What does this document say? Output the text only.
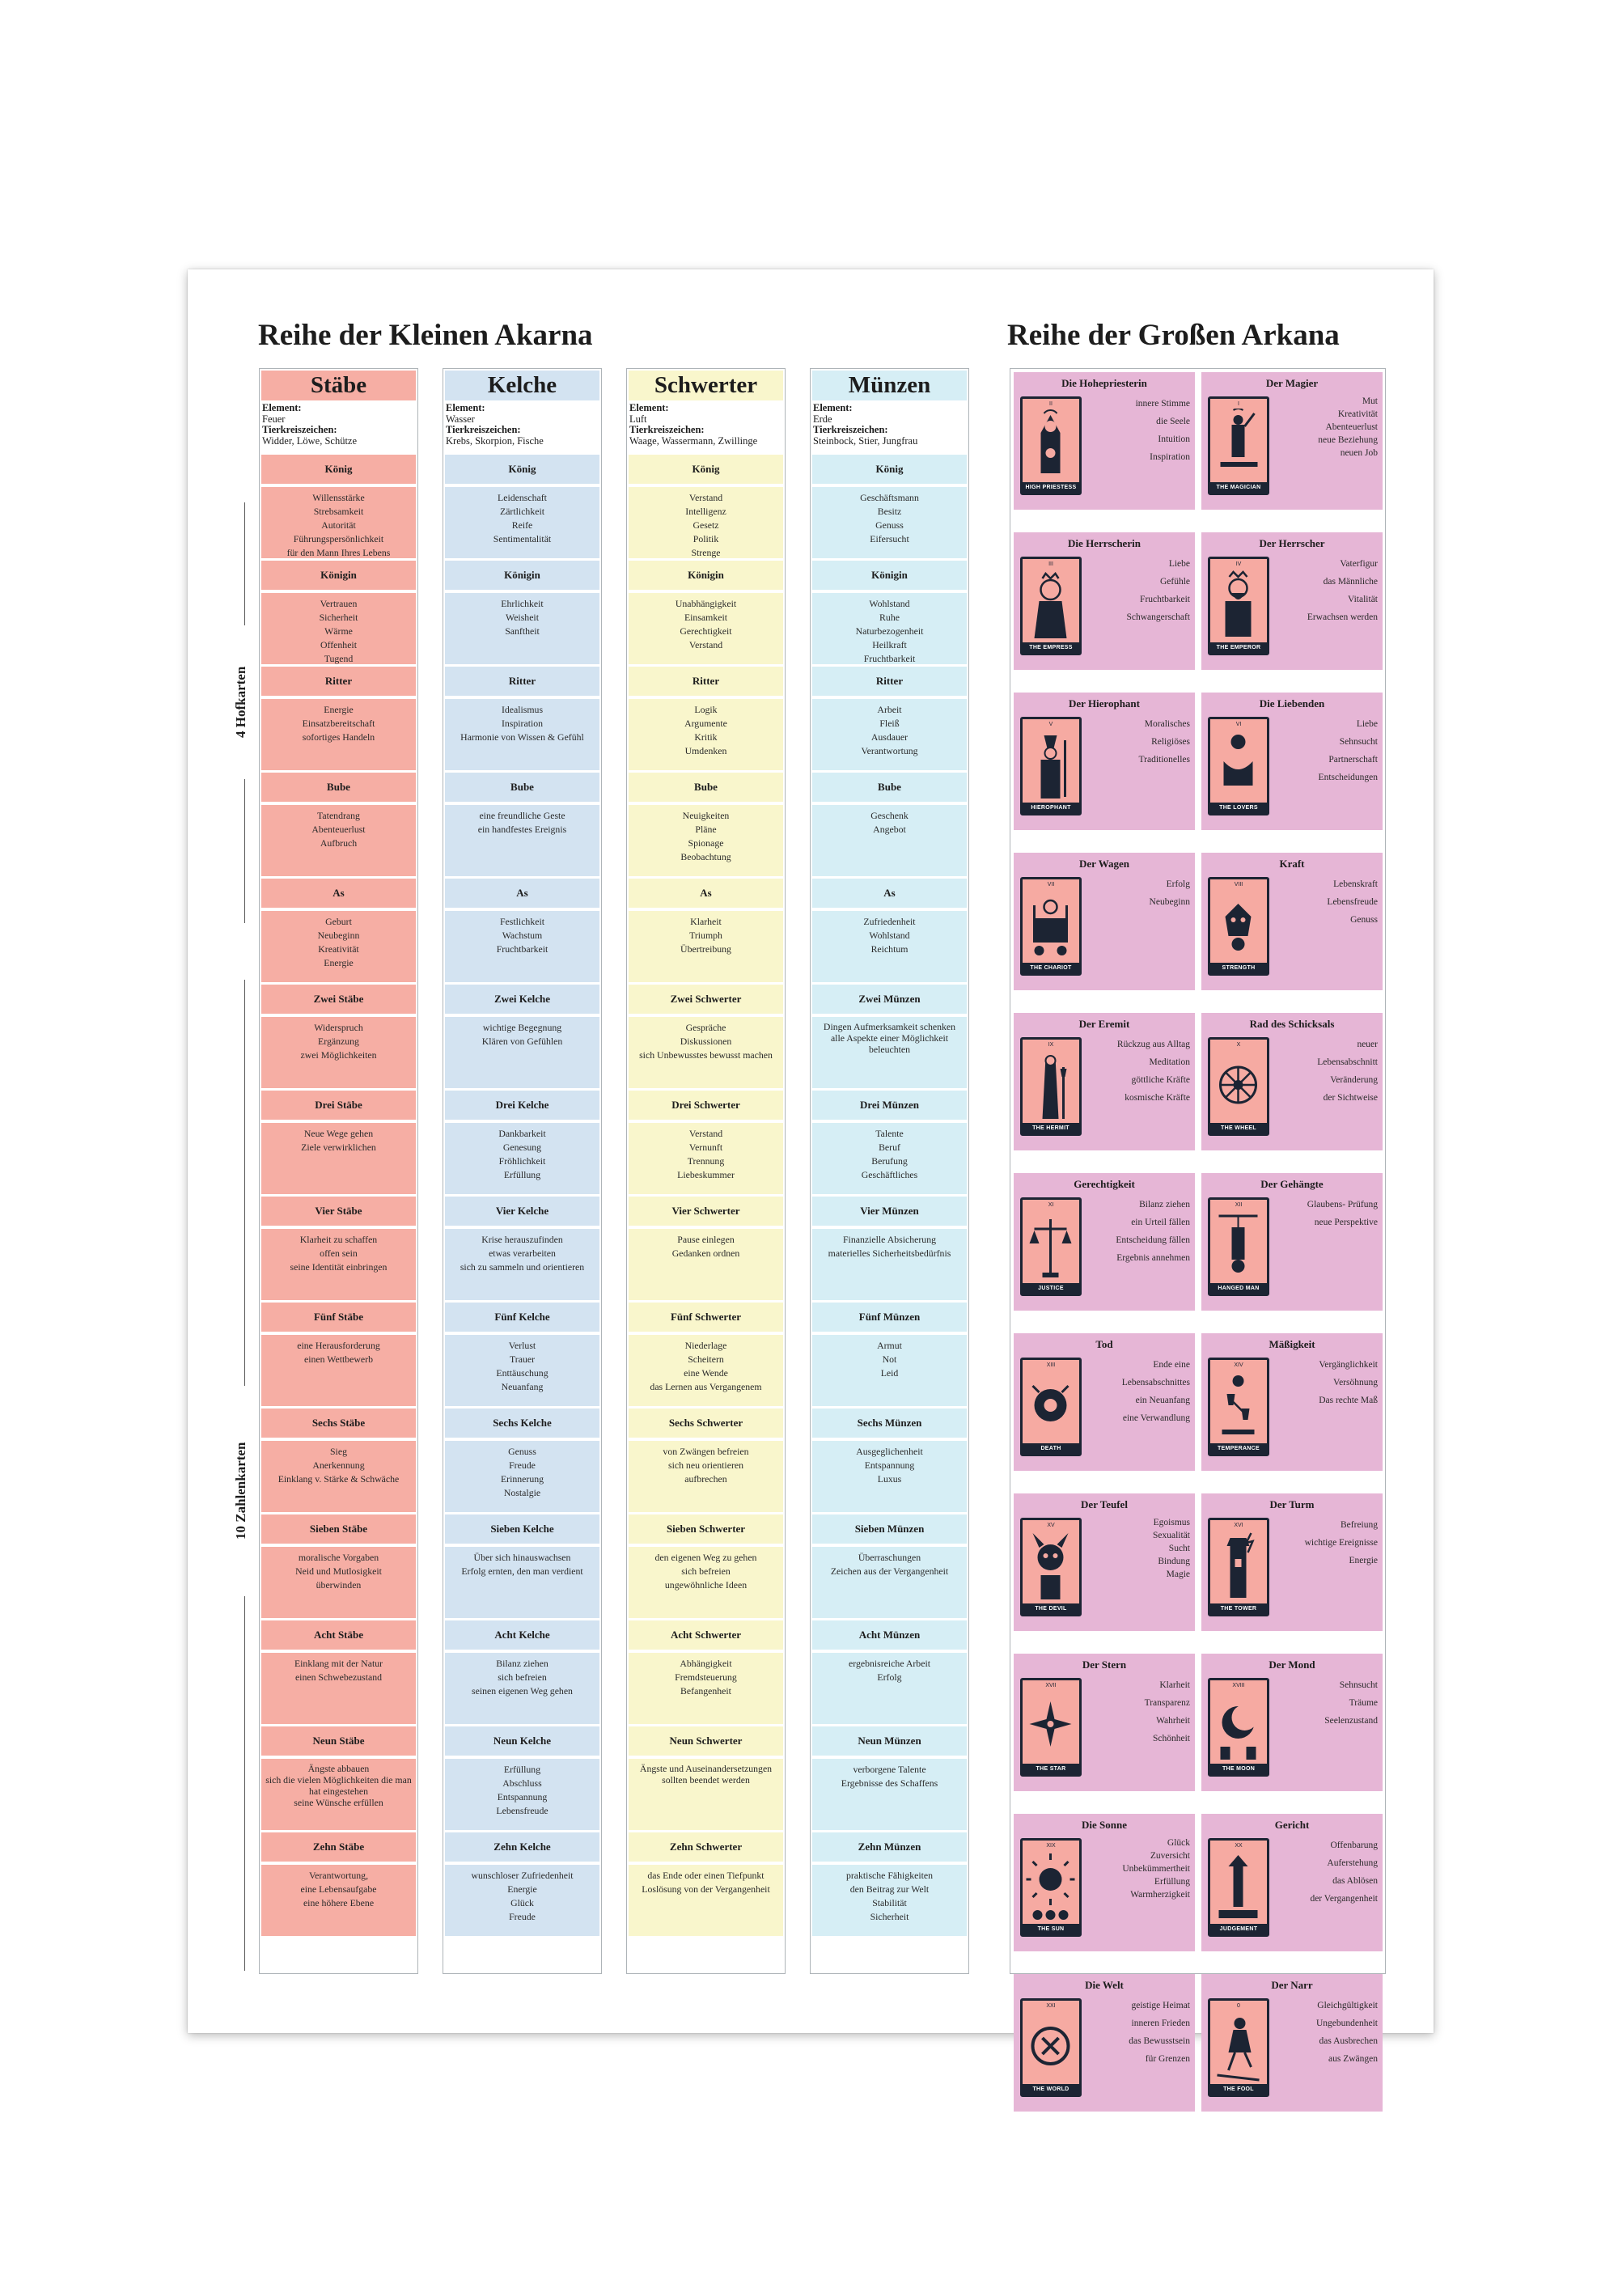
Reihe der Kleinen Akarna	Reihe der Großen Arkana
4 Hofkarten
10 Zahlenkarten
Stäbe
Element:
Feuer
Tierkreiszeichen:
Widder, Löwe, Schütze
König
Willensstärke
Strebsamkeit
Autorität
Führungspersönlichkeit
für den Mann Ihres Lebens
Königin
Vertrauen
Sicherheit
Wärme
Offenheit
Tugend
Ritter
Energie
Einsatzbereitschaft
sofortiges Handeln
Bube
Tatendrang
Abenteuerlust
Aufbruch
As
Geburt
Neubeginn
Kreativität
Energie
Zwei Stäbe
Widerspruch
Ergänzung
zwei Möglichkeiten
Drei Stäbe
Neue Wege gehen
Ziele verwirklichen
Vier Stäbe
Klarheit zu schaffen
offen sein
seine Identität einbringen
Fünf Stäbe
eine Herausforderung
einen Wettbewerb
Sechs Stäbe
Sieg
Anerkennung
Einklang v. Stärke & Schwäche
Sieben Stäbe
moralische Vorgaben
Neid und Mutlosigkeit
überwinden
Acht Stäbe
Einklang mit der Natur
einen Schwebezustand
Neun Stäbe
Ängste abbauen
sich die vielen Möglichkeiten die man hat eingestehen
seine Wünsche erfüllen
Zehn Stäbe
Verantwortung,
eine Lebensaufgabe
eine höhere Ebene
Kelche
Element:
Wasser
Tierkreiszeichen:
Krebs, Skorpion, Fische
König
Leidenschaft
Zärtlichkeit
Reife
Sentimentalität
Königin
Ehrlichkeit
Weisheit
Sanftheit
Ritter
Idealismus
Inspiration
Harmonie von Wissen & Gefühl
Bube
eine freundliche Geste
ein handfestes Ereignis
As
Festlichkeit
Wachstum
Fruchtbarkeit
Zwei Kelche
wichtige Begegnung
Klären von Gefühlen
Drei Kelche
Dankbarkeit
Genesung
Fröhlichkeit
Erfüllung
Vier Kelche
Krise herauszufinden
etwas verarbeiten
sich zu sammeln und orientieren
Fünf Kelche
Verlust
Trauer
Enttäuschung
Neuanfang
Sechs Kelche
Genuss
Freude
Erinnerung
Nostalgie
Sieben Kelche
Über sich hinauswachsen
Erfolg ernten, den man verdient
Acht Kelche
Bilanz ziehen
sich befreien
seinen eigenen Weg gehen
Neun Kelche
Erfüllung
Abschluss
Entspannung
Lebensfreude
Zehn Kelche
wunschloser Zufriedenheit
Energie
Glück
Freude
Schwerter
Element:
Luft
Tierkreiszeichen:
Waage, Wassermann, Zwillinge
König
Verstand
Intelligenz
Gesetz
Politik
Strenge
Königin
Unabhängigkeit
Einsamkeit
Gerechtigkeit
Verstand
Ritter
Logik
Argumente
Kritik
Umdenken
Bube
Neuigkeiten
Pläne
Spionage
Beobachtung
As
Klarheit
Triumph
Übertreibung
Zwei Schwerter
Gespräche
Diskussionen
sich Unbewusstes bewusst machen
Drei Schwerter
Verstand
Vernunft
Trennung
Liebeskummer
Vier Schwerter
Pause einlegen
Gedanken ordnen
Fünf Schwerter
Niederlage
Scheitern
eine Wende
das Lernen aus Vergangenem
Sechs Schwerter
von Zwängen befreien
sich neu orientieren
aufbrechen
Sieben Schwerter
den eigenen Weg zu gehen
sich befreien
ungewöhnliche Ideen
Acht Schwerter
Abhängigkeit
Fremdsteuerung
Befangenheit
Neun Schwerter
Ängste und Auseinandersetzungen sollten beendet werden
Zehn Schwerter
das Ende oder einen Tiefpunkt
Loslösung von der Vergangenheit
Münzen
Element:
Erde
Tierkreiszeichen:
Steinbock, Stier, Jungfrau
König
Geschäftsmann
Besitz
Genuss
Eifersucht
Königin
Wohlstand
Ruhe
Naturbezogenheit
Heilkraft
Fruchtbarkeit
Ritter
Arbeit
Fleiß
Ausdauer
Verantwortung
Bube
Geschenk
Angebot
As
Zufriedenheit
Wohlstand
Reichtum
Zwei Münzen
Dingen Aufmerksamkeit schenken
alle Aspekte einer Möglichkeit beleuchten
Drei Münzen
Talente
Beruf
Berufung
Geschäftliches
Vier Münzen
Finanzielle Absicherung
materielles Sicherheitsbedürfnis
Fünf Münzen
Armut
Not
Leid
Sechs Münzen
Ausgeglichenheit
Entspannung
Luxus
Sieben Münzen
Überraschungen
Zeichen aus der Vergangenheit
Acht Münzen
ergebnisreiche Arbeit
Erfolg
Neun Münzen
verborgene Talente
Ergebnisse des Schaffens
Zehn Münzen
praktische Fähigkeiten
den Beitrag zur Welt
Stabilität
Sicherheit
Die Hohepriesterin
II
HIGH PRIESTESS
innere Stimme
die Seele
Intuition
Inspiration
Der Magier
I
THE MAGICIAN
Mut
Kreativität
Abenteuerlust
neue Beziehung
neuen Job
Die Herrscherin
III
THE EMPRESS
Liebe
Gefühle
Fruchtbarkeit
Schwangerschaft
Der Herrscher
IV
THE EMPEROR
Vaterfigur
das Männliche
Vitalität
Erwachsen werden
Der Hierophant
V
HIEROPHANT
Moralisches
Religiöses
Traditionelles
Die Liebenden
VI
THE LOVERS
Liebe
Sehnsucht
Partnerschaft
Entscheidungen
Der Wagen
VII
THE CHARIOT
Erfolg
Neubeginn
Kraft
VIII
STRENGTH
Lebenskraft
Lebensfreude
Genuss
Der Eremit
IX
THE HERMIT
Rückzug aus Alltag
Meditation
göttliche Kräfte
kosmische Kräfte
Rad des Schicksals
X
THE WHEEL
neuer
Lebensabschnitt
Veränderung
der Sichtweise
Gerechtigkeit
XI
JUSTICE
Bilanz ziehen
ein Urteil fällen
Entscheidung fällen
Ergebnis annehmen
Der Gehängte
XII
HANGED MAN
Glaubens- Prüfung
neue Perspektive
Tod
XIII
DEATH
Ende eine Lebensabschnittes
ein Neuanfang
eine Verwandlung
Mäßigkeit
XIV
TEMPERANCE
Vergänglichkeit
Versöhnung
Das rechte Maß
Der Teufel
XV
THE DEVIL
Egoismus
Sexualität
Sucht
Bindung
Magie
Der Turm
XVI
THE TOWER
Befreiung
wichtige Ereignisse
Energie
Der Stern
XVII
THE STAR
Klarheit
Transparenz
Wahrheit
Schönheit
Der Mond
XVIII
THE MOON
Sehnsucht
Träume
Seelenzustand
Die Sonne
XIX
THE SUN
Glück
Zuversicht
Unbekümmertheit
Erfüllung
Warmherzigkeit
Gericht
XX
JUDGEMENT
Offenbarung
Auferstehung
das Ablösen
der Vergangenheit
Die Welt
XXI
THE WORLD
geistige Heimat
inneren Frieden
das Bewusstsein
für Grenzen
Der Narr
0
THE FOOL
Gleichgültigkeit
Ungebundenheit
das Ausbrechen
aus Zwängen
